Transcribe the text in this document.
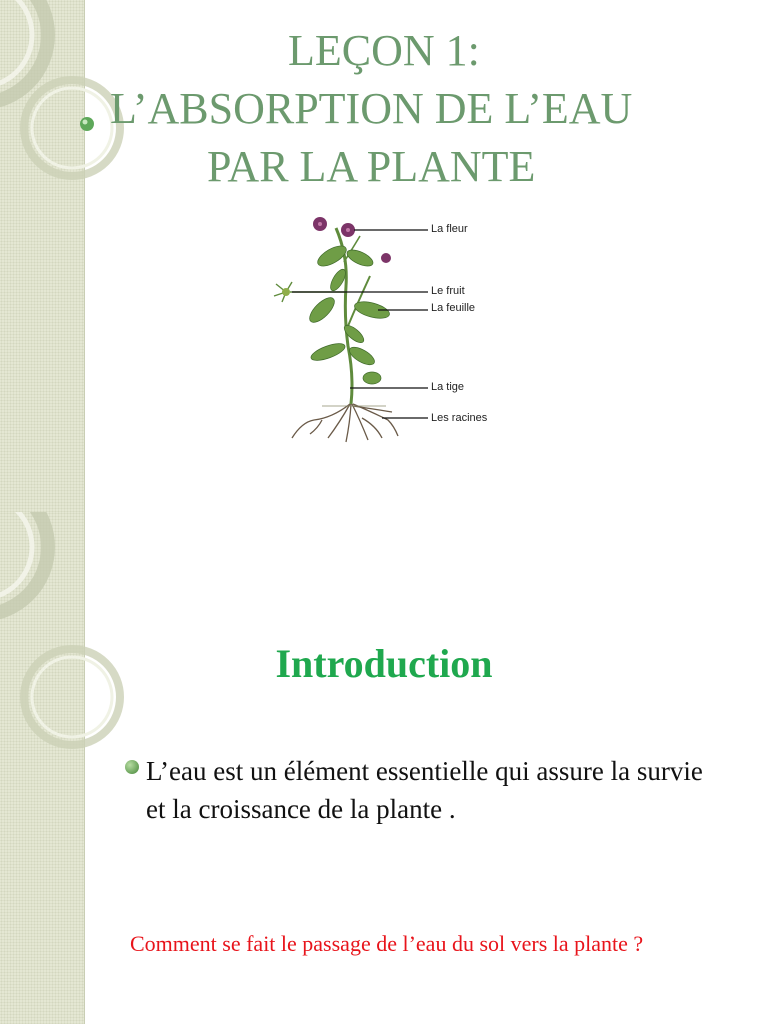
LEÇON 1:
L’ABSORPTION DE L’EAU
PAR LA PLANTE
La fleur
Le fruit
La feuille
La tige
Les racines
Introduction

L’eau est un élément essentielle qui assure la survie et la croissance de la plante .

Comment se fait le passage de l’eau du sol vers la plante ?
